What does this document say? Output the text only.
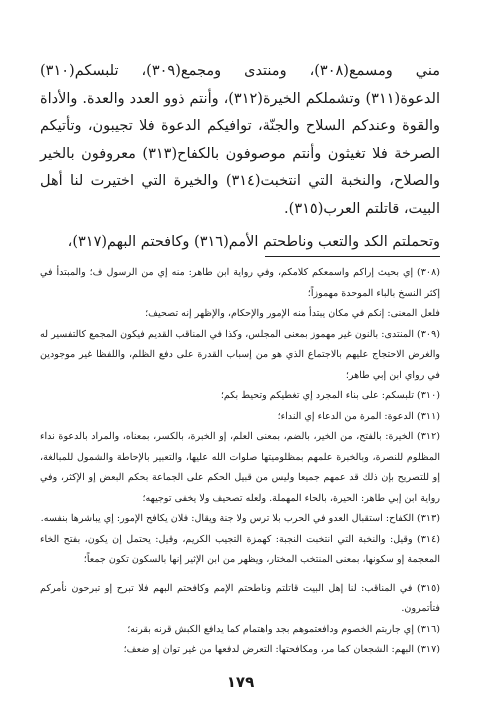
مني ومسمع(٣٠٨)، ومنتدى ومجمع(٣٠٩)، تلبسكم(٣١٠) الدعوة(٣١١) وتشملكم الخيرة(٣١٢)، وأنتم ذوو العدد والعدة. والأداة والقوة وعندكم السلاح والجنّة، توافيكم الدعوة فلا تجيبون، وتأتيكم الصرخة فلا تغيثون وأنتم موصوفون بالكفاح(٣١٣) معروفون بالخير والصلاح، والنخبة التي انتخبت(٣١٤) والخيرة التي اختيرت لنا أهل البيت، قاتلتم العرب(٣١٥).

وتحملتم الكد والتعب وناطحتم الأمم(٣١٦) وكافحتم البهم(٣١٧)،

(٣٠٨) إي بحيث إراكم واسمعكم كلامكم، وفي رواية ابن طاهر: منه إي من الرسول ف؛ والمبتدأ في إكثر النسخ بالباء الموحدة مهموزاً؛

فلعل المعنى: إنكم في مكان يبتدأ منه الإمور والإحكام، والإظهر إنه تصحيف؛

(٣٠٩) المنتدى: بالنون غير مهموز بمعنى المجلس، وكذا في المناقب القديم فيكون المجمع كالتفسير له والغرض الاحتجاج عليهم بالاجتماع الذي هو من إسباب القدرة على دفع الظلم، واللفظا غير موجودين في رواي ابن إبي طاهر؛

(٣١٠) تلبسكم: على بناء المجرد إي تغطيكم وتحيط بكم؛

(٣١١) الدعوة: المرة من الدعاء إي النداء؛

(٣١٢) الخيرة: بالفتح، من الخير، بالضم، بمعنى العلم، إو الخبرة، بالكسر، بمعناه، والمراد بالدعوة نداء المظلوم للنصرة، وبالخبرة علمهم بمظلوميتها صلوات الله عليها، والتعبير بالإحاطة والشمول للمبالغة، إو للتصريح بإن ذلك قد عمهم جميعا وليس من قبيل الحكم على الجماعة بحكم البعض إو الإكثر، وفي رواية ابن إبي طاهر: الحيرة، بالحاء المهملة. ولعله تصحيف ولا يخفى توجيهه؛

(٣١٣) الكفاح: استقبال العدو في الحرب بلا ترس ولا جنة ويقال: فلان يكافح الإمور: إي يباشرها بنفسه.

(٣١٤) وقيل: والنخبة التي انتخبت النجبة: كهمزة التجيب الكريم، وقيل: يحتمل إن يكون، بفتح الخاء المعجمة إو سكونها، بمعنى المنتخب المختار، ويظهر من ابن الإثير إنها بالسكون تكون جمعاً؛

(٣١٥) في المناقب: لنا إهل البيت قاتلتم وناطحتم الإمم وكافحتم البهم فلا تبرح إو تبرحون نأمركم فتأتمرون.

(٣١٦) إي جاربتم الخصوم ودافعتموهم بجد واهتمام كما يدافع الكبش قرنه بقرنه؛

(٣١٧) البهم: الشجعان كما مر، ومكافحتها: التعرض لدفعها من غير توان إو ضعف؛

١٧٩
